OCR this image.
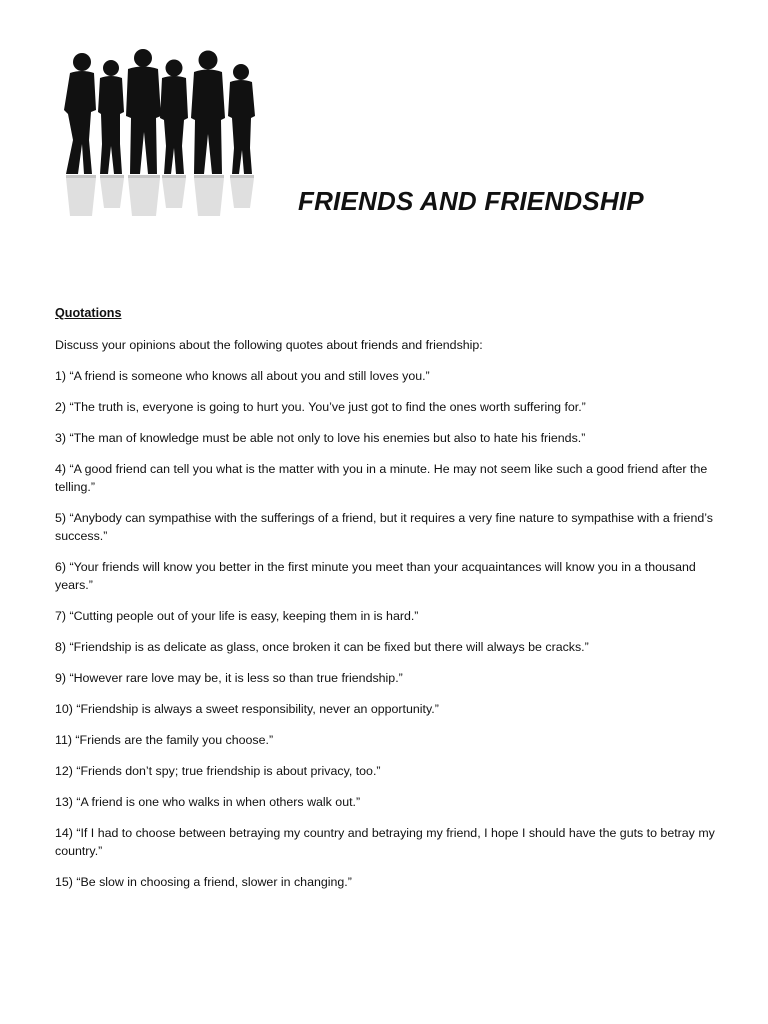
FRIENDS AND FRIENDSHIP
Quotations

Discuss your opinions about the following quotes about friends and friendship:

1) “A friend is someone who knows all about you and still loves you.”
2) “The truth is, everyone is going to hurt you. You’ve just got to find the ones worth suffering for.”
3) “The man of knowledge must be able not only to love his enemies but also to hate his friends.”
4) “A good friend can tell you what is the matter with you in a minute. He may not seem like such a good friend after the telling.”
5) “Anybody can sympathise with the sufferings of a friend, but it requires a very fine nature to sympathise with a friend’s success.”
6) “Your friends will know you better in the first minute you meet than your acquaintances will know you in a thousand years.”
7) “Cutting people out of your life is easy, keeping them in is hard.”
8) “Friendship is as delicate as glass, once broken it can be fixed but there will always be cracks.”
9) “However rare love may be, it is less so than true friendship.”
10) “Friendship is always a sweet responsibility, never an opportunity.”
11) “Friends are the family you choose.”
12) “Friends don’t spy; true friendship is about privacy, too.”
13) “A friend is one who walks in when others walk out.”
14) “If I had to choose between betraying my country and betraying my friend, I hope I should have the guts to betray my country.”
15) “Be slow in choosing a friend, slower in changing.”
